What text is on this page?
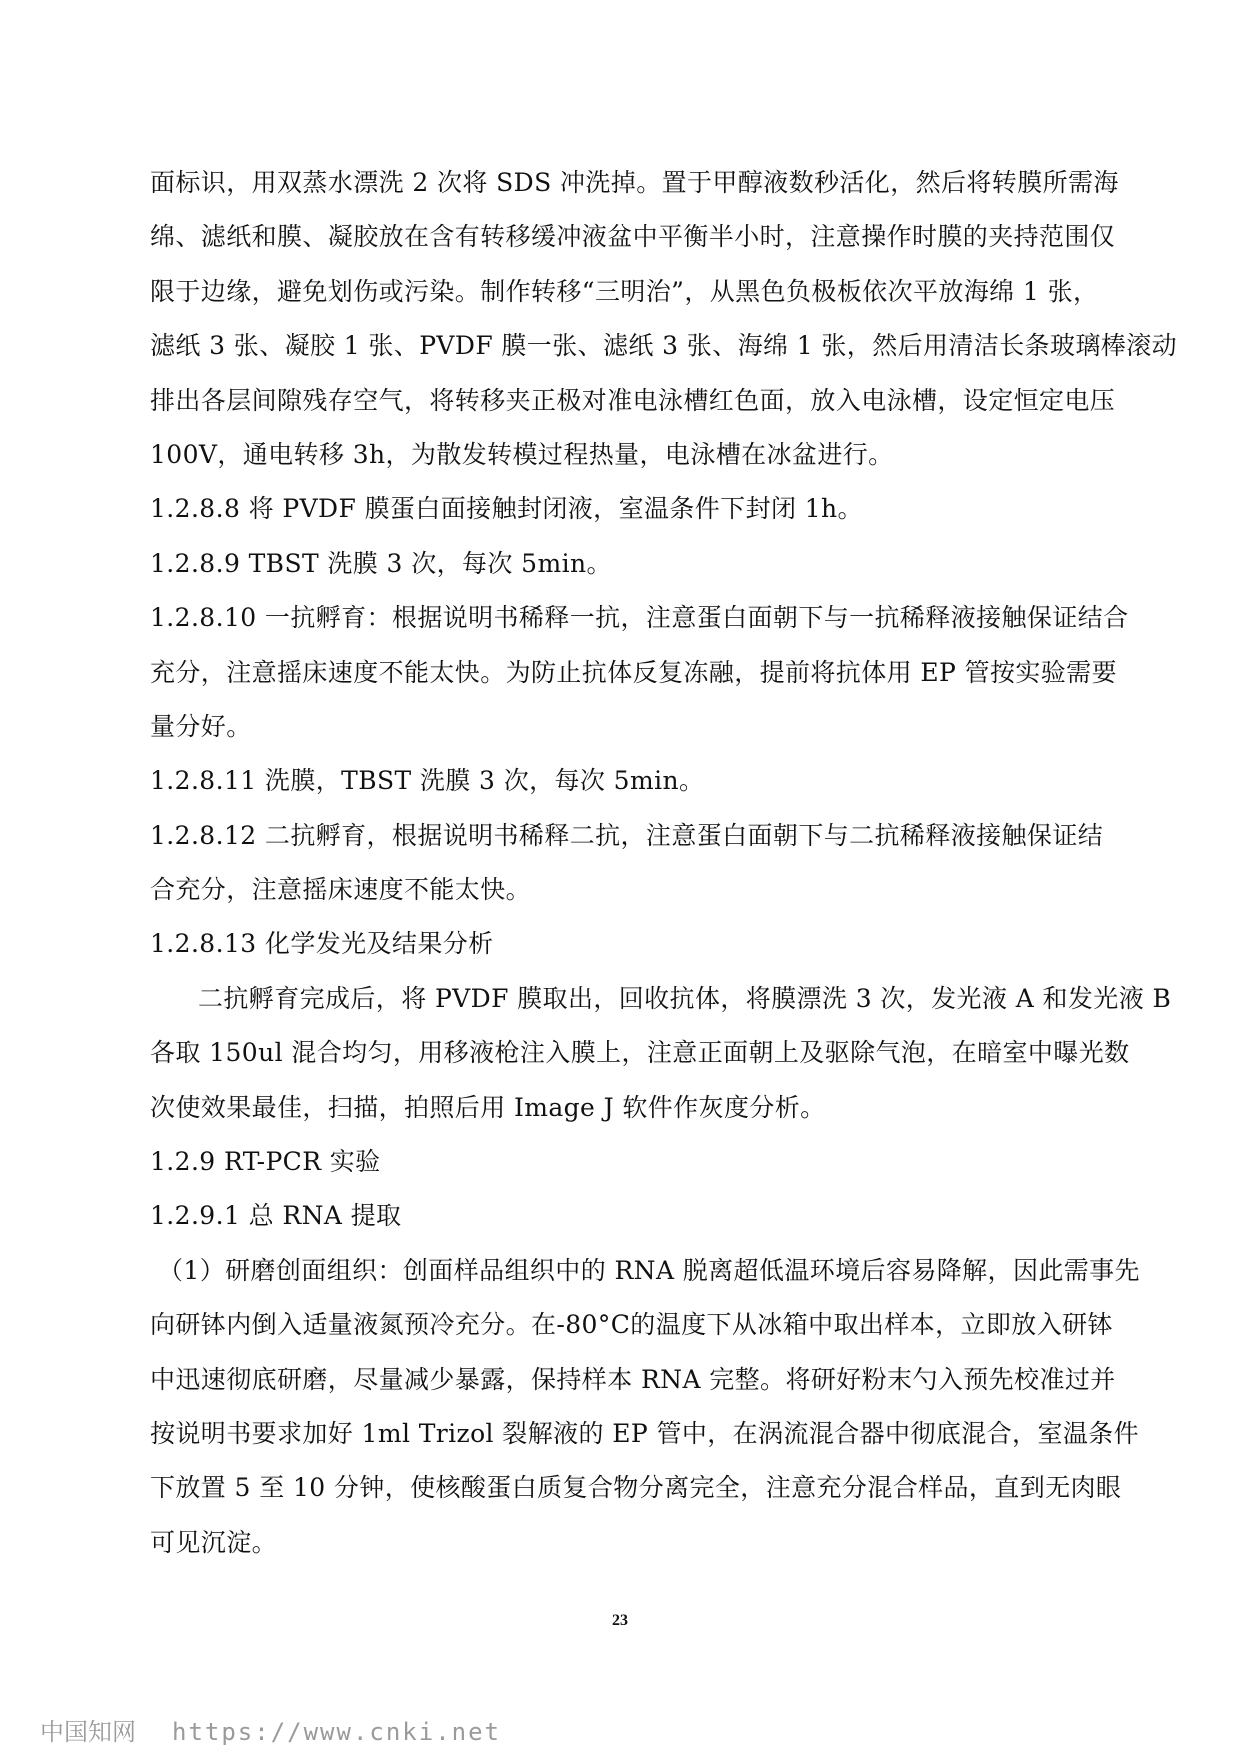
面标识，用双蒸水漂洗 2 次将 SDS 冲洗掉。置于甲醇液数秒活化，然后将转膜所需海
绵、滤纸和膜、凝胶放在含有转移缓冲液盆中平衡半小时，注意操作时膜的夹持范围仅
限于边缘，避免划伤或污染。制作转移“三明治”，从黑色负极板依次平放海绵 1 张，
滤纸 3 张、凝胶 1 张、PVDF 膜一张、滤纸 3 张、海绵 1 张，然后用清洁长条玻璃棒滚动
排出各层间隙残存空气，将转移夹正极对准电泳槽红色面，放入电泳槽，设定恒定电压
100V，通电转移 3h，为散发转模过程热量，电泳槽在冰盆进行。
1.2.8.8 将 PVDF 膜蛋白面接触封闭液，室温条件下封闭 1h。
1.2.8.9 TBST 洗膜 3 次，每次 5min。
1.2.8.10 一抗孵育：根据说明书稀释一抗，注意蛋白面朝下与一抗稀释液接触保证结合
充分，注意摇床速度不能太快。为防止抗体反复冻融，提前将抗体用 EP 管按实验需要
量分好。
1.2.8.11 洗膜，TBST 洗膜 3 次，每次 5min。
1.2.8.12 二抗孵育，根据说明书稀释二抗，注意蛋白面朝下与二抗稀释液接触保证结
合充分，注意摇床速度不能太快。
1.2.8.13 化学发光及结果分析
二抗孵育完成后，将 PVDF 膜取出，回收抗体，将膜漂洗 3 次，发光液 A 和发光液 B
各取 150ul 混合均匀，用移液枪注入膜上，注意正面朝上及驱除气泡，在暗室中曝光数
次使效果最佳，扫描，拍照后用 Image J 软件作灰度分析。
1.2.9 RT-PCR 实验
1.2.9.1 总 RNA 提取
（1）研磨创面组织：创面样品组织中的 RNA 脱离超低温环境后容易降解，因此需事先
向研钵内倒入适量液氮预冷充分。在-80°C的温度下从冰箱中取出样本，立即放入研钵
中迅速彻底研磨，尽量减少暴露，保持样本 RNA 完整。将研好粉末勺入预先校准过并
按说明书要求加好 1ml Trizol 裂解液的 EP 管中，在涡流混合器中彻底混合，室温条件
下放置 5 至 10 分钟，使核酸蛋白质复合物分离完全，注意充分混合样品，直到无肉眼
可见沉淀。
23
中国知网 https://www.cnki.net
